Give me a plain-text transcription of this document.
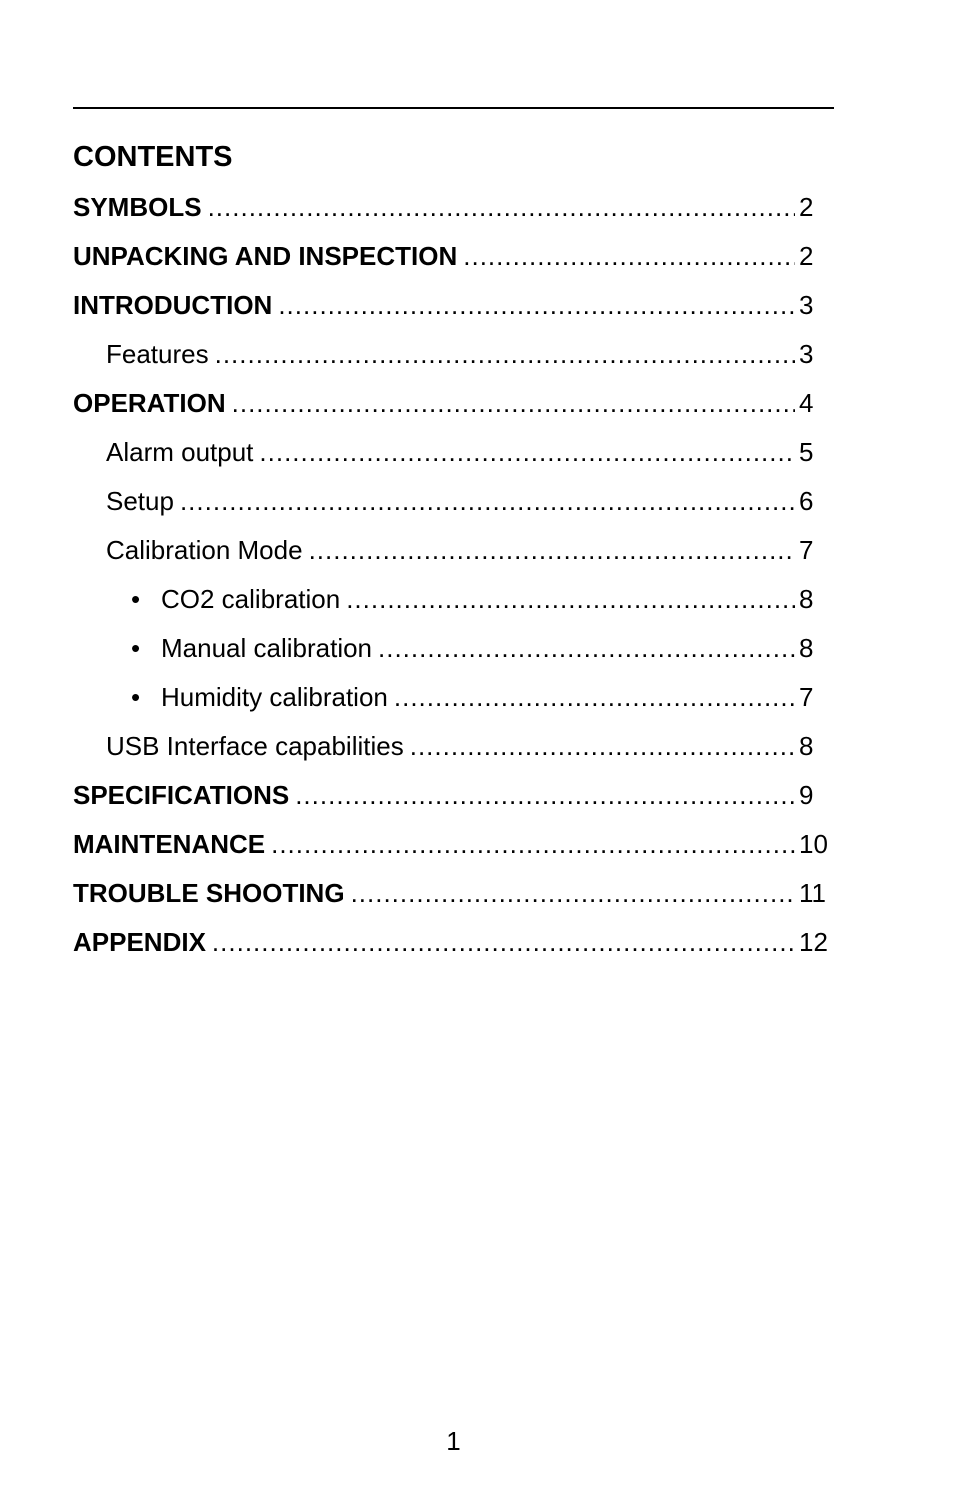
CONTENTS
SYMBOLS .....	2
UNPACKING AND INSPECTION .....	2
INTRODUCTION .....	3
Features .....	3
OPERATION .....	4
Alarm output .....	5
Setup .....	6
Calibration Mode .....	7
• CO2 calibration .....	8
• Manual calibration .....	8
• Humidity calibration .....	7
USB Interface capabilities .....	8
SPECIFICATIONS .....	9
MAINTENANCE .....	10
TROUBLE SHOOTING .....	11
APPENDIX .....	12
1
